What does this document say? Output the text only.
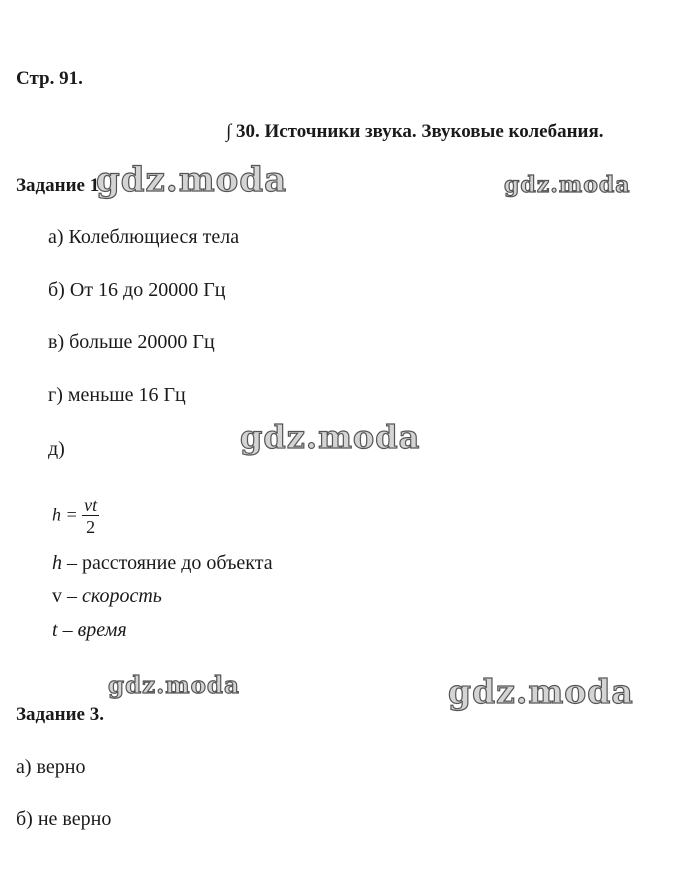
Стр. 91.
∫ 30. Источники звука. Звуковые колебания.
Задание 1.
gdz.moda	gdz.moda
gdz.moda
gdz.moda	gdz.moda
а) Колеблющиеся тела
б) От 16 до 20000 Гц
в) больше 20000 Гц
г) меньше 16 Гц
д)
$h = \frac{vt}{2}$
h – расстояние до объекта
v – скорость
t – время
Задание 3.
а) верно
б) не верно
